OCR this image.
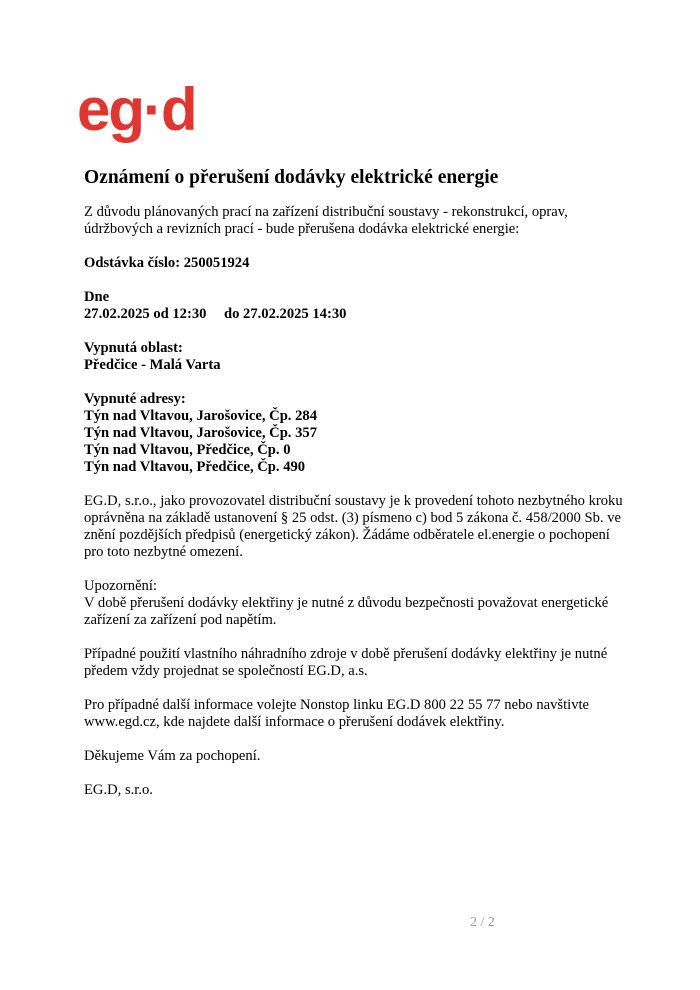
eg·d
Oznámení o přerušení dodávky elektrické energie

Z důvodu plánovaných prací na zařízení distribuční soustavy - rekonstrukcí, oprav, údržbových a revizních prací - bude přerušena dodávka elektrické energie:

Odstávka číslo: 250051924

Dne
27.02.2025 od 12:30 do 27.02.2025 14:30
Vypnutá oblast:
Předčice - Malá Varta
Vypnuté adresy:
Týn nad Vltavou, Jarošovice, Čp. 284
Týn nad Vltavou, Jarošovice, Čp. 357
Týn nad Vltavou, Předčice, Čp. 0
Týn nad Vltavou, Předčice, Čp. 490

EG.D, s.r.o., jako provozovatel distribuční soustavy je k provedení tohoto nezbytného kroku oprávněna na základě ustanovení § 25 odst. (3) písmeno c) bod 5 zákona č. 458/2000 Sb. ve znění pozdějších předpisů (energetický zákon). Žádáme odběratele el.energie o pochopení pro toto nezbytné omezení.

Upozornění:
V době přerušení dodávky elektřiny je nutné z důvodu bezpečnosti považovat energetické zařízení za zařízení pod napětím.

Případné použití vlastního náhradního zdroje v době přerušení dodávky elektřiny je nutné předem vždy projednat se společností EG.D, a.s.

Pro případné další informace volejte Nonstop linku EG.D 800 22 55 77 nebo navštivte www.egd.cz, kde najdete další informace o přerušení dodávek elektřiny.

Děkujeme Vám za pochopení.

EG.D, s.r.o.

2 / 2
